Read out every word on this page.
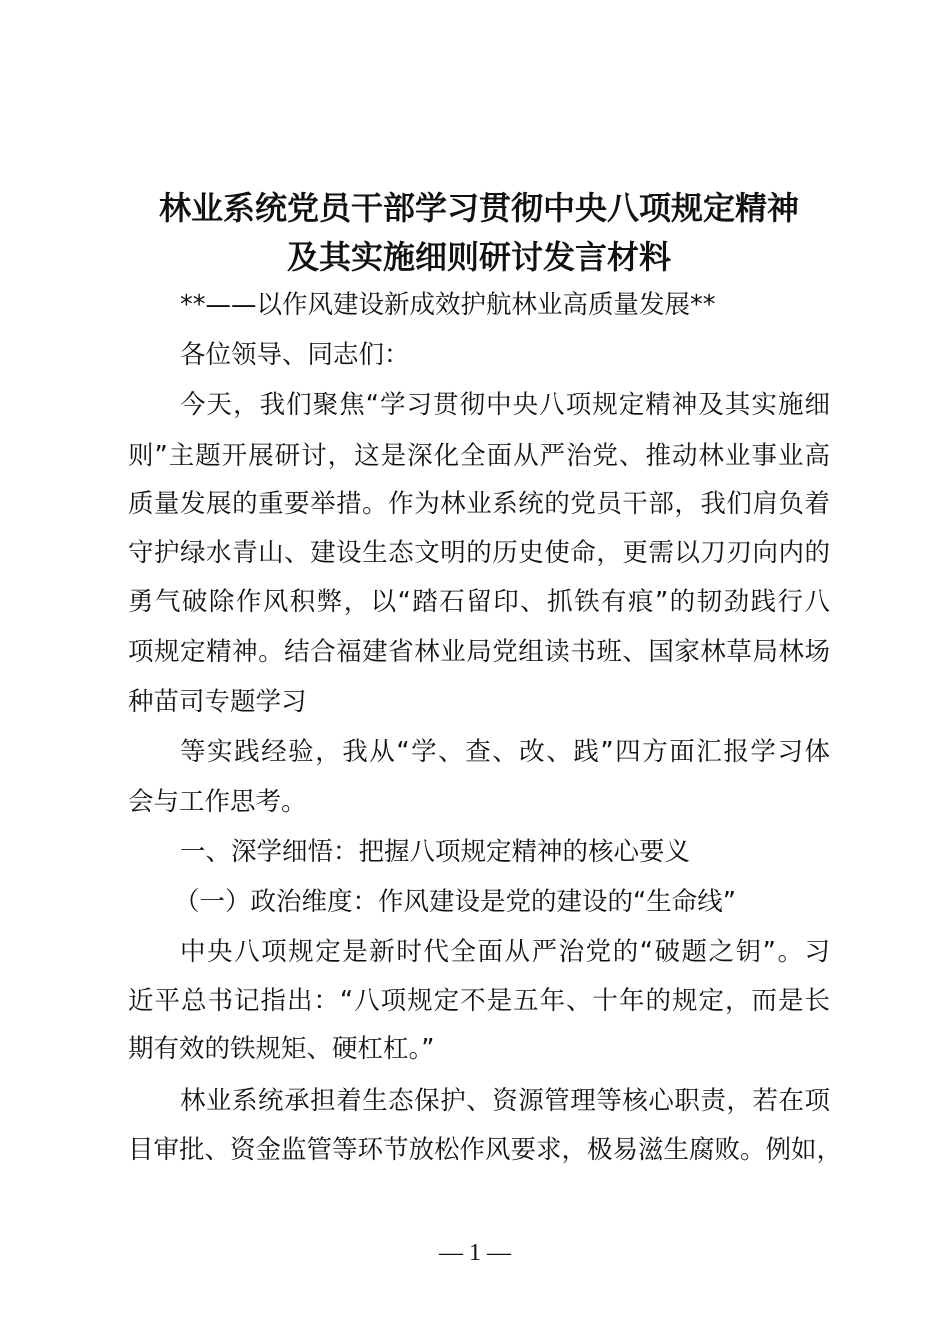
林业系统党员干部学习贯彻中央八项规定精神
及其实施细则研讨发言材料
**——以作风建设新成效护航林业高质量发展**
各位领导、同志们：
今天，我们聚焦“学习贯彻中央八项规定精神及其实施细
则”主题开展研讨，这是深化全面从严治党、推动林业事业高
质量发展的重要举措。作为林业系统的党员干部，我们肩负着
守护绿水青山、建设生态文明的历史使命，更需以刀刃向内的
勇气破除作风积弊，以“踏石留印、抓铁有痕”的韧劲践行八
项规定精神。结合福建省林业局党组读书班、国家林草局林场
种苗司专题学习
等实践经验，我从“学、查、改、践”四方面汇报学习体
会与工作思考。
一、深学细悟：把握八项规定精神的核心要义
（一）政治维度：作风建设是党的建设的“生命线”
中央八项规定是新时代全面从严治党的“破题之钥”。习
近平总书记指出：“八项规定不是五年、十年的规定，而是长
期有效的铁规矩、硬杠杠。”
林业系统承担着生态保护、资源管理等核心职责，若在项
目审批、资金监管等环节放松作风要求，极易滋生腐败。例如，
— 1 —
